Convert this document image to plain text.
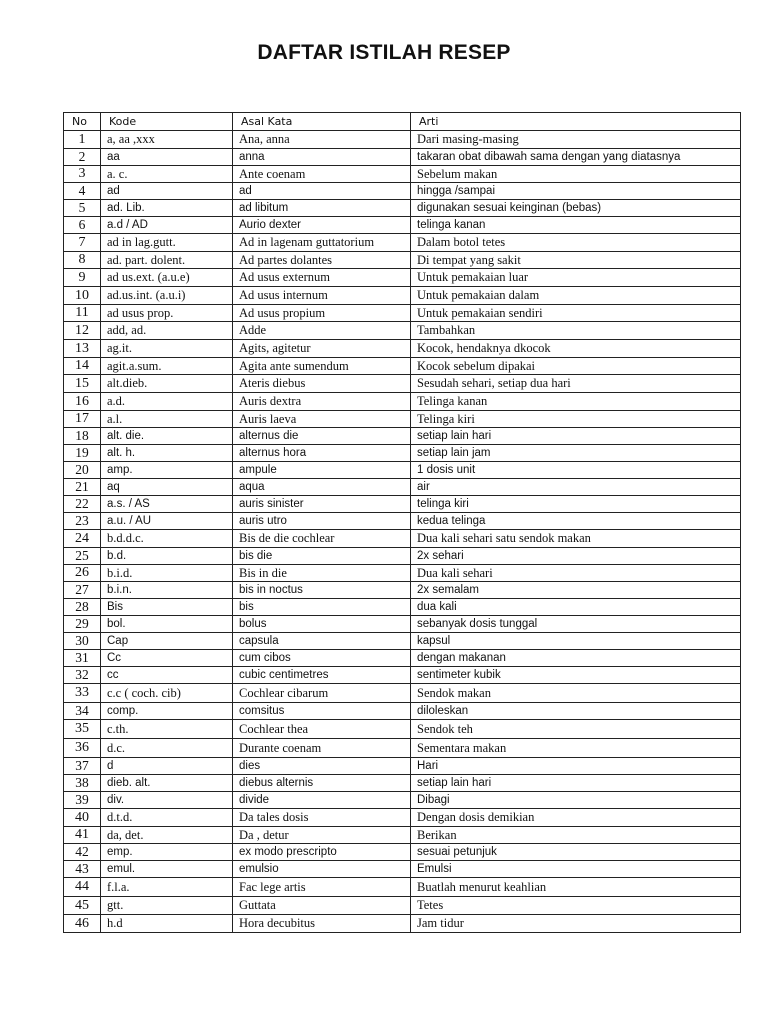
DAFTAR ISTILAH RESEP
No	Kode	Asal Kata	Arti
1	a, aa ,xxx	Ana, anna	Dari masing-masing
2	aa	anna	takaran obat dibawah sama dengan yang diatasnya
3	a. c.	Ante coenam	Sebelum makan
4	ad	ad	hingga /sampai
5	ad. Lib.	ad libitum	digunakan sesuai keinginan (bebas)
6	a.d / AD	Aurio dexter	telinga kanan
7	ad in lag.gutt.	Ad in lagenam guttatorium	Dalam botol tetes
8	ad. part. dolent.	Ad partes dolantes	Di tempat yang sakit
9	ad us.ext. (a.u.e)	Ad usus externum	Untuk pemakaian luar
10	ad.us.int. (a.u.i)	Ad usus internum	Untuk pemakaian dalam
11	ad usus prop.	Ad usus propium	Untuk pemakaian sendiri
12	add, ad.	Adde	Tambahkan
13	ag.it.	Agits, agitetur	Kocok, hendaknya dkocok
14	agit.a.sum.	Agita ante sumendum	Kocok sebelum dipakai
15	alt.dieb.	Ateris diebus	Sesudah sehari, setiap dua hari
16	a.d.	Auris dextra	Telinga kanan
17	a.l.	Auris laeva	Telinga kiri
18	alt. die.	alternus die	setiap lain hari
19	alt. h.	alternus hora	setiap lain jam
20	amp.	ampule	1 dosis unit
21	aq	aqua	air
22	a.s. / AS	auris sinister	telinga kiri
23	a.u. / AU	auris utro	kedua telinga
24	b.d.d.c.	Bis de die cochlear	Dua kali sehari satu sendok makan
25	b.d.	bis die	2x sehari
26	b.i.d.	Bis in die	Dua kali sehari
27	b.i.n.	bis in noctus	2x semalam
28	Bis	bis	dua kali
29	bol.	bolus	sebanyak dosis tunggal
30	Cap	capsula	kapsul
31	Cc	cum cibos	dengan makanan
32	cc	cubic centimetres	sentimeter kubik
33	c.c ( coch. cib)	Cochlear cibarum	Sendok makan
34	comp.	comsitus	diloleskan
35	c.th.	Cochlear thea	Sendok teh
36	d.c.	Durante coenam	Sementara makan
37	d	dies	Hari
38	dieb. alt.	diebus alternis	setiap lain hari
39	div.	divide	Dibagi
40	d.t.d.	Da tales dosis	Dengan dosis demikian
41	da, det.	Da , detur	Berikan
42	emp.	ex modo prescripto	sesuai petunjuk
43	emul.	emulsio	Emulsi
44	f.l.a.	Fac lege artis	Buatlah menurut keahlian
45	gtt.	Guttata	Tetes
46	h.d	Hora decubitus	Jam tidur
